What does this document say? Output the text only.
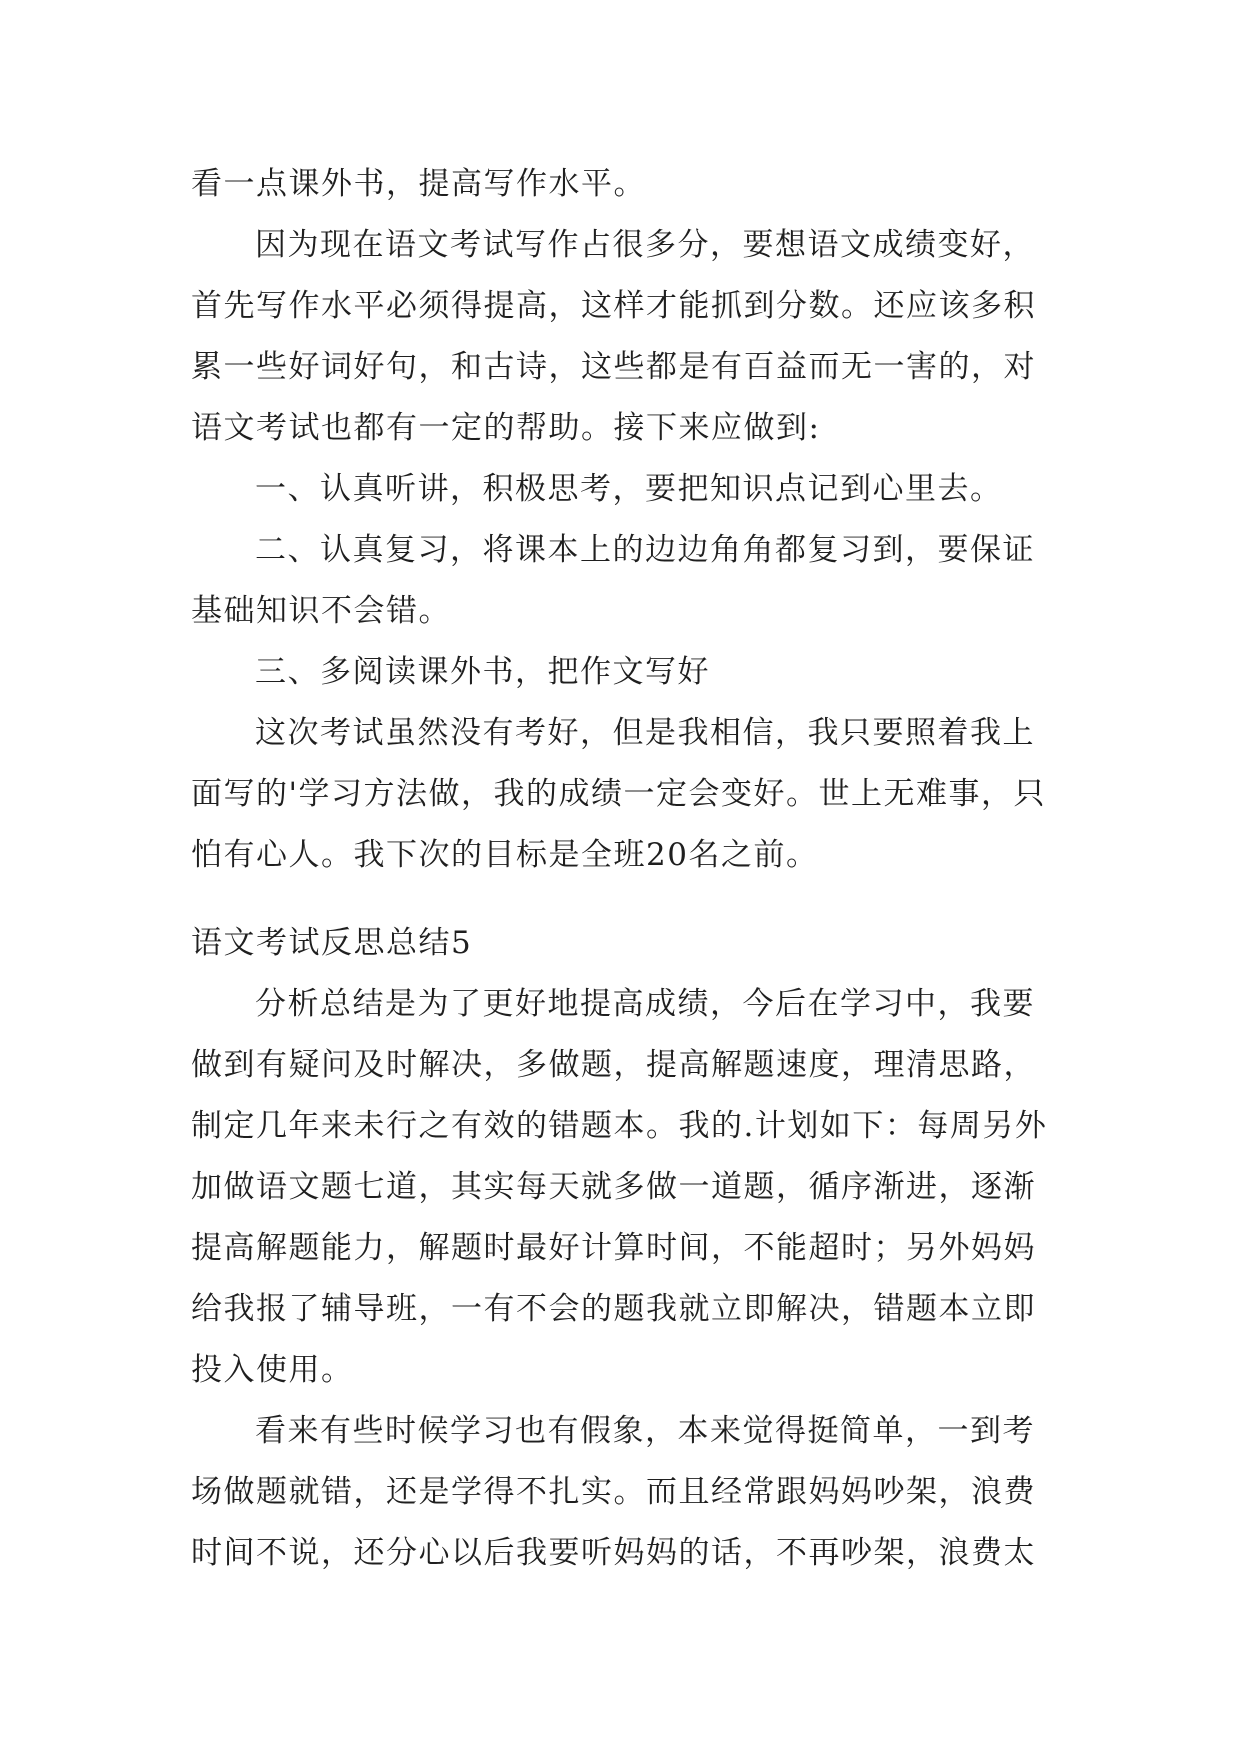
看一点课外书，提高写作水平。
因为现在语文考试写作占很多分，要想语文成绩变好，首先写作水平必须得提高，这样才能抓到分数。还应该多积累一些好词好句，和古诗，这些都是有百益而无一害的，对语文考试也都有一定的帮助。接下来应做到:
一、认真听讲，积极思考，要把知识点记到心里去。
二、认真复习，将课本上的边边角角都复习到，要保证基础知识不会错。
三、多阅读课外书，把作文写好
这次考试虽然没有考好，但是我相信，我只要照着我上面写的'学习方法做，我的成绩一定会变好。世上无难事，只怕有心人。我下次的目标是全班20名之前。
语文考试反思总结5
分析总结是为了更好地提高成绩，今后在学习中，我要做到有疑问及时解决，多做题，提高解题速度，理清思路，制定几年来未行之有效的错题本。我的.计划如下：每周另外加做语文题七道，其实每天就多做一道题，循序渐进，逐渐提高解题能力，解题时最好计算时间，不能超时；另外妈妈给我报了辅导班，一有不会的题我就立即解决，错题本立即投入使用。
看来有些时候学习也有假象，本来觉得挺简单，一到考场做题就错，还是学得不扎实。而且经常跟妈妈吵架，浪费时间不说，还分心以后我要听妈妈的话，不再吵架，浪费太
